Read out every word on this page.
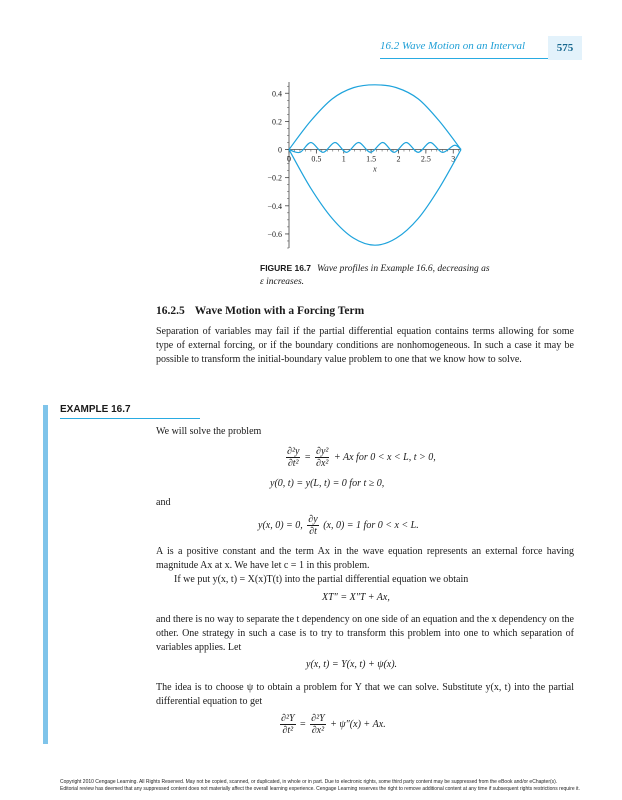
16.2 Wave Motion on an Interval	575
0	0.5	1	1.5	2	2.5	3
0.4
0.2
0
−0.2
−0.4
−0.6
x
FIGURE 16.7 Wave profiles in Example 16.6, decreasing as ε increases.
16.2.5 Wave Motion with a Forcing Term

Separation of variables may fail if the partial differential equation contains terms allowing for some type of external forcing, or if the boundary conditions are nonhomogeneous. In such a case it may be possible to transform the initial-boundary value problem to one that we know how to solve.

EXAMPLE 16.7
We will solve the problem
$\frac{\text{∂²y}}{\text{∂t²}} = \frac{\text{∂y²}}{\text{∂x²}} + Ax$ for 0 < x < L, t > 0,
y(0, t) = y(L, t) = 0 for t ≥ 0,
and
y(x, 0) = 0, $\frac{\partial y}{\partial t} (x$, 0) = 1 for 0 < x < L.

A is a positive constant and the term Ax in the wave equation represents an external force having magnitude Ax at x. We have let c = 1 in this problem.

If we put y(x, t) = X(x)T(t) into the partial differential equation we obtain

XT″ = X″T + Ax,

and there is no way to separate the t dependency on one side of an equation and the x dependency on the other. One strategy in such a case is to try to transform this problem into one to which separation of variables applies. Let

y(x, t) = Y(x, t) + ψ(x).

The idea is to choose ψ to obtain a problem for Y that we can solve. Substitute y(x, t) into the partial differential equation to get

$\frac{\text{∂²Y}}{\text{∂t²}} = \frac{\text{∂²Y}}{\text{∂x²}} + \psi''(x) + Ax$.
Copyright 2010 Cengage Learning. All Rights Reserved. May not be copied, scanned, or duplicated, in whole or in part. Due to electronic rights, some third party content may be suppressed from the eBook and/or eChapter(s).
Editorial review has deemed that any suppressed content does not materially affect the overall learning experience. Cengage Learning reserves the right to remove additional content at any time if subsequent rights restrictions require it.
